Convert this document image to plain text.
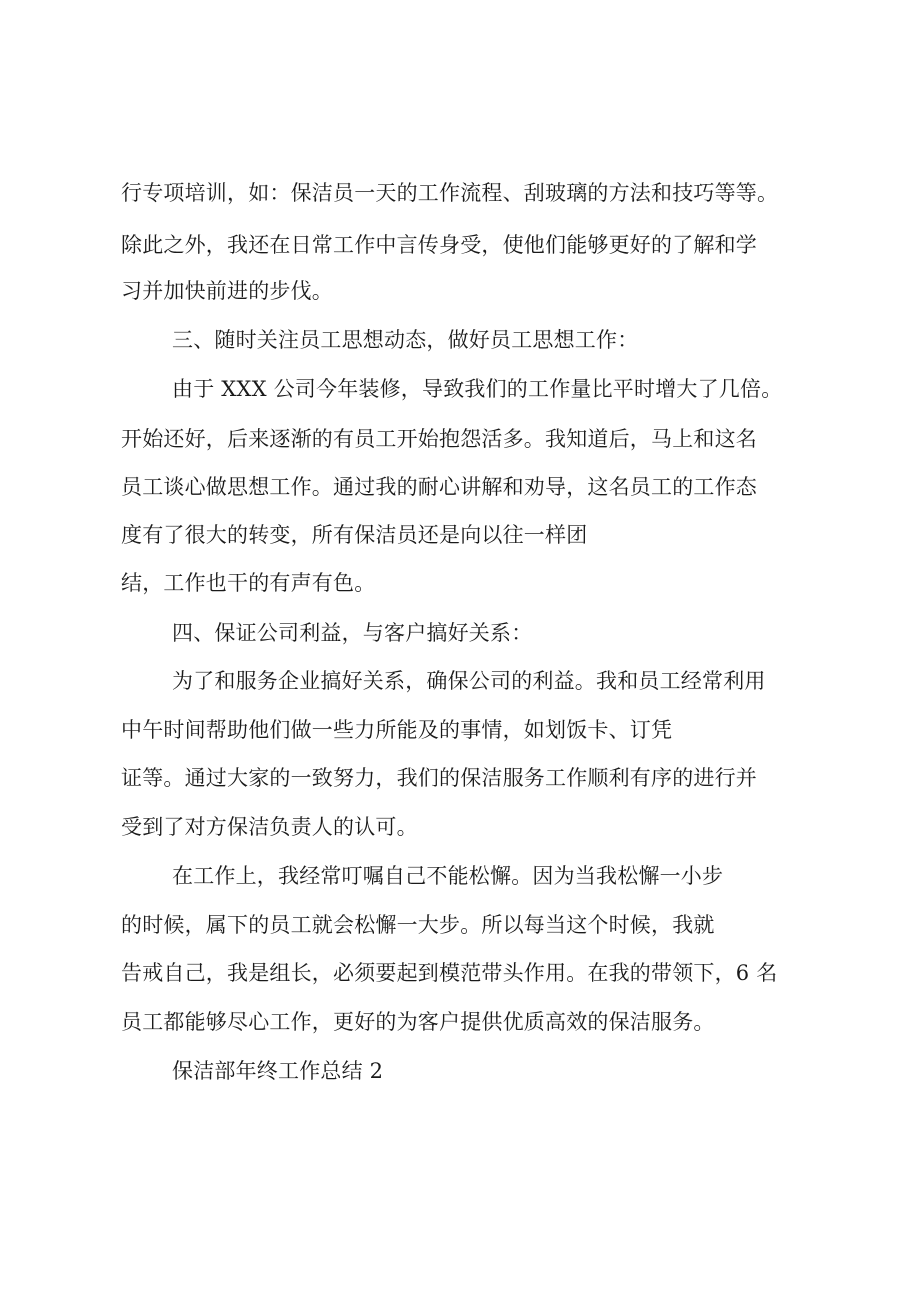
行专项培训，如：保洁员一天的工作流程、刮玻璃的方法和技巧等等。
除此之外，我还在日常工作中言传身受，使他们能够更好的了解和学
习并加快前进的步伐。
三、随时关注员工思想动态，做好员工思想工作：
由于 XXX 公司今年装修，导致我们的工作量比平时增大了几倍。
开始还好，后来逐渐的有员工开始抱怨活多。我知道后，马上和这名
员工谈心做思想工作。通过我的耐心讲解和劝导，这名员工的工作态
度有了很大的转变，所有保洁员还是向以往一样团
结，工作也干的有声有色。
四、保证公司利益，与客户搞好关系：
为了和服务企业搞好关系，确保公司的利益。我和员工经常利用
中午时间帮助他们做一些力所能及的事情，如划饭卡、订凭
证等。通过大家的一致努力，我们的保洁服务工作顺利有序的进行并
受到了对方保洁负责人的认可。
在工作上，我经常叮嘱自己不能松懈。因为当我松懈一小步
的时候，属下的员工就会松懈一大步。所以每当这个时候，我就
告戒自己，我是组长，必须要起到模范带头作用。在我的带领下，6 名
员工都能够尽心工作，更好的为客户提供优质高效的保洁服务。
保洁部年终工作总结 2
